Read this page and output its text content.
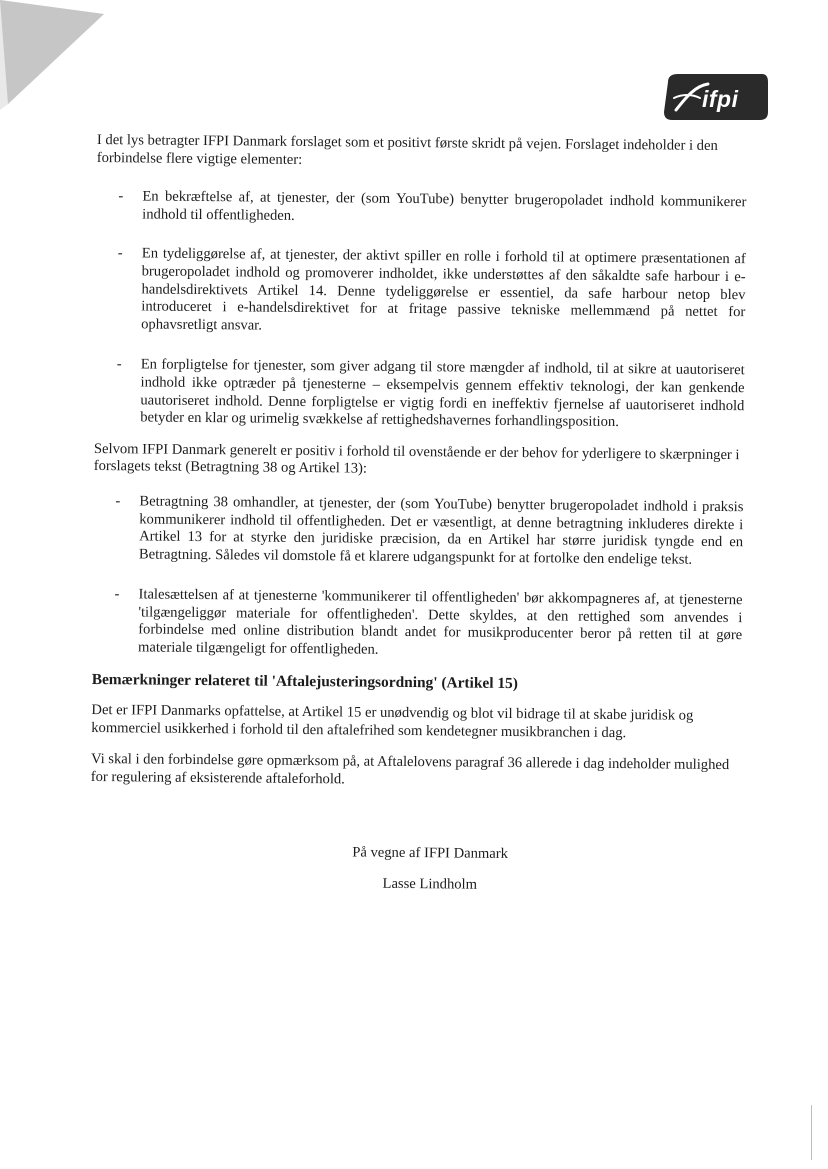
ifpi

I det lys betragter IFPI Danmark forslaget som et positivt første skridt på vejen. Forslaget indeholder i den forbindelse flere vigtige elementer:

- En bekræftelse af, at tjenester, der (som YouTube) benytter brugeropoladet indhold kommunikerer indhold til offentligheden.
- En tydeliggørelse af, at tjenester, der aktivt spiller en rolle i forhold til at optimere præsentationen af brugeropoladet indhold og promoverer indholdet, ikke understøttes af den såkaldte safe harbour i e-handelsdirektivets Artikel 14. Denne tydeliggørelse er essentiel, da safe harbour netop blev introduceret i e-handelsdirektivet for at fritage passive tekniske mellemmænd på nettet for ophavsretligt ansvar.
- En forpligtelse for tjenester, som giver adgang til store mængder af indhold, til at sikre at uautoriseret indhold ikke optræder på tjenesterne – eksempelvis gennem effektiv teknologi, der kan genkende uautoriseret indhold. Denne forpligtelse er vigtig fordi en ineffektiv fjernelse af uautoriseret indhold betyder en klar og urimelig svækkelse af rettighedshavernes forhandlingsposition.

Selvom IFPI Danmark generelt er positiv i forhold til ovenstående er der behov for yderligere to skærpninger i forslagets tekst (Betragtning 38 og Artikel 13):

- Betragtning 38 omhandler, at tjenester, der (som YouTube) benytter brugeropoladet indhold i praksis kommunikerer indhold til offentligheden. Det er væsentligt, at denne betragtning inkluderes direkte i Artikel 13 for at styrke den juridiske præcision, da en Artikel har større juridisk tyngde end en Betragtning. Således vil domstole få et klarere udgangspunkt for at fortolke den endelige tekst.
- Italesættelsen af at tjenesterne 'kommunikerer til offentligheden' bør akkompagneres af, at tjenesterne 'tilgængeliggør materiale for offentligheden'. Dette skyldes, at den rettighed som anvendes i forbindelse med online distribution blandt andet for musikproducenter beror på retten til at gøre materiale tilgængeligt for offentligheden.

Bemærkninger relateret til 'Aftalejusteringsordning' (Artikel 15)

Det er IFPI Danmarks opfattelse, at Artikel 15 er unødvendig og blot vil bidrage til at skabe juridisk og kommerciel usikkerhed i forhold til den aftalefrihed som kendetegner musikbranchen i dag.

Vi skal i den forbindelse gøre opmærksom på, at Aftalelovens paragraf 36 allerede i dag indeholder mulighed for regulering af eksisterende aftaleforhold.

På vegne af IFPI Danmark

Lasse Lindholm
